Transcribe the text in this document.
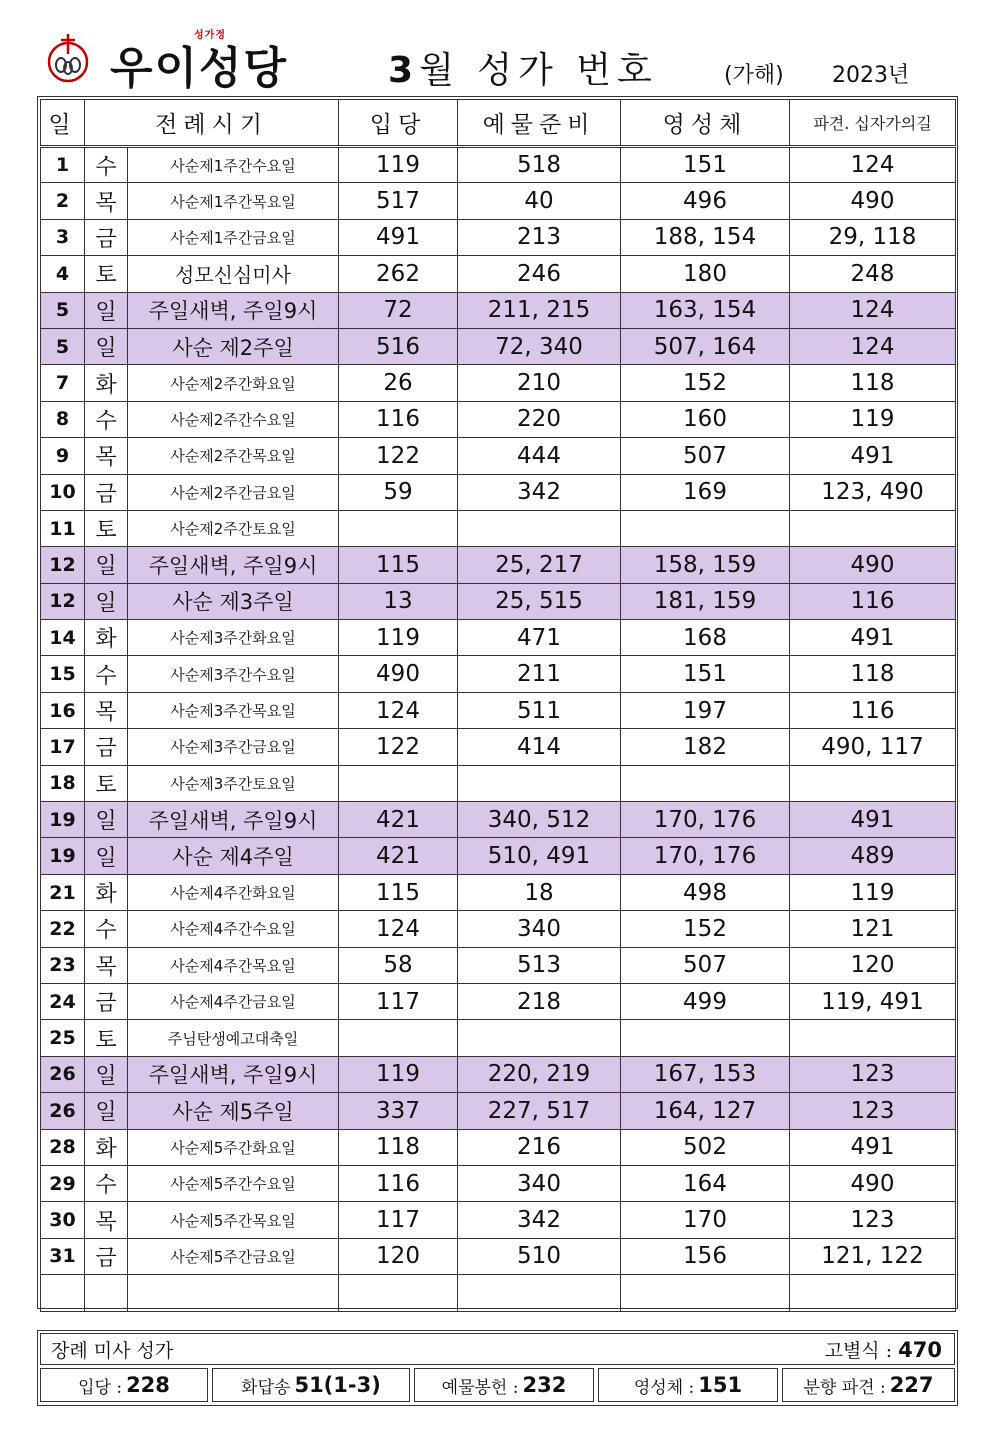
성가정
우이성당	3월 성가 번호	(가해) 2023년
일	전례시기		입당	예물준비	영성체	파견. 십자가의길
1	수	사순제1주간수요일	119	518	151	124
2	목	사순제1주간목요일	517	40	496	490
3	금	사순제1주간금요일	491	213	188, 154	29, 118
4	토	성모신심미사	262	246	180	248
5	일	주일새벽, 주일9시	72	211, 215	163, 154	124
5	일	사순 제2주일	516	72, 340	507, 164	124
7	화	사순제2주간화요일	26	210	152	118
8	수	사순제2주간수요일	116	220	160	119
9	목	사순제2주간목요일	122	444	507	491
10	금	사순제2주간금요일	59	342	169	123, 490
11	토	사순제2주간토요일				
12	일	주일새벽, 주일9시	115	25, 217	158, 159	490
12	일	사순 제3주일	13	25, 515	181, 159	116
14	화	사순제3주간화요일	119	471	168	491
15	수	사순제3주간수요일	490	211	151	118
16	목	사순제3주간목요일	124	511	197	116
17	금	사순제3주간금요일	122	414	182	490, 117
18	토	사순제3주간토요일				
19	일	주일새벽, 주일9시	421	340, 512	170, 176	491
19	일	사순 제4주일	421	510, 491	170, 176	489
21	화	사순제4주간화요일	115	18	498	119
22	수	사순제4주간수요일	124	340	152	121
23	목	사순제4주간목요일	58	513	507	120
24	금	사순제4주간금요일	117	218	499	119, 491
25	토	주님탄생예고대축일				
26	일	주일새벽, 주일9시	119	220, 219	167, 153	123
26	일	사순 제5주일	337	227, 517	164, 127	123
28	화	사순제5주간화요일	118	216	502	491
29	수	사순제5주간수요일	116	340	164	490
30	목	사순제5주간목요일	117	342	170	123
31	금	사순제5주간금요일	120	510	156	121, 122

장례 미사 성가	고별식 : 470
입당 : 228	화답송 51(1-3)	예물봉헌 : 232	영성체 : 151	분향 파견 : 227
